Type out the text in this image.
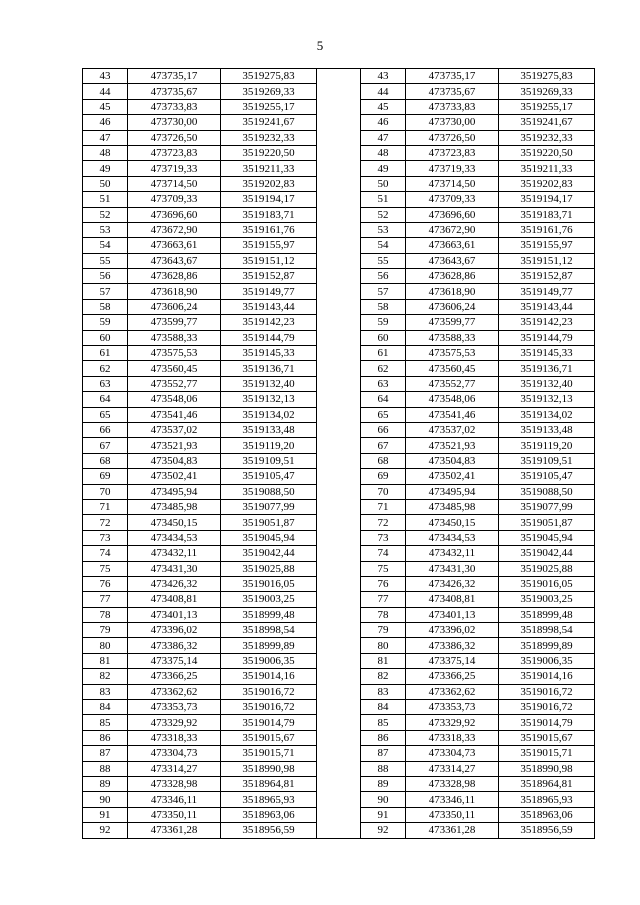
5
43	473735,17	3519275,83		43	473735,17	3519275,83
44	473735,67	3519269,33		44	473735,67	3519269,33
45	473733,83	3519255,17		45	473733,83	3519255,17
46	473730,00	3519241,67		46	473730,00	3519241,67
47	473726,50	3519232,33		47	473726,50	3519232,33
48	473723,83	3519220,50		48	473723,83	3519220,50
49	473719,33	3519211,33		49	473719,33	3519211,33
50	473714,50	3519202,83		50	473714,50	3519202,83
51	473709,33	3519194,17		51	473709,33	3519194,17
52	473696,60	3519183,71		52	473696,60	3519183,71
53	473672,90	3519161,76		53	473672,90	3519161,76
54	473663,61	3519155,97		54	473663,61	3519155,97
55	473643,67	3519151,12		55	473643,67	3519151,12
56	473628,86	3519152,87		56	473628,86	3519152,87
57	473618,90	3519149,77		57	473618,90	3519149,77
58	473606,24	3519143,44		58	473606,24	3519143,44
59	473599,77	3519142,23		59	473599,77	3519142,23
60	473588,33	3519144,79		60	473588,33	3519144,79
61	473575,53	3519145,33		61	473575,53	3519145,33
62	473560,45	3519136,71		62	473560,45	3519136,71
63	473552,77	3519132,40		63	473552,77	3519132,40
64	473548,06	3519132,13		64	473548,06	3519132,13
65	473541,46	3519134,02		65	473541,46	3519134,02
66	473537,02	3519133,48		66	473537,02	3519133,48
67	473521,93	3519119,20		67	473521,93	3519119,20
68	473504,83	3519109,51		68	473504,83	3519109,51
69	473502,41	3519105,47		69	473502,41	3519105,47
70	473495,94	3519088,50		70	473495,94	3519088,50
71	473485,98	3519077,99		71	473485,98	3519077,99
72	473450,15	3519051,87		72	473450,15	3519051,87
73	473434,53	3519045,94		73	473434,53	3519045,94
74	473432,11	3519042,44		74	473432,11	3519042,44
75	473431,30	3519025,88		75	473431,30	3519025,88
76	473426,32	3519016,05		76	473426,32	3519016,05
77	473408,81	3519003,25		77	473408,81	3519003,25
78	473401,13	3518999,48		78	473401,13	3518999,48
79	473396,02	3518998,54		79	473396,02	3518998,54
80	473386,32	3518999,89		80	473386,32	3518999,89
81	473375,14	3519006,35		81	473375,14	3519006,35
82	473366,25	3519014,16		82	473366,25	3519014,16
83	473362,62	3519016,72		83	473362,62	3519016,72
84	473353,73	3519016,72		84	473353,73	3519016,72
85	473329,92	3519014,79		85	473329,92	3519014,79
86	473318,33	3519015,67		86	473318,33	3519015,67
87	473304,73	3519015,71		87	473304,73	3519015,71
88	473314,27	3518990,98		88	473314,27	3518990,98
89	473328,98	3518964,81		89	473328,98	3518964,81
90	473346,11	3518965,93		90	473346,11	3518965,93
91	473350,11	3518963,06		91	473350,11	3518963,06
92	473361,28	3518956,59		92	473361,28	3518956,59
